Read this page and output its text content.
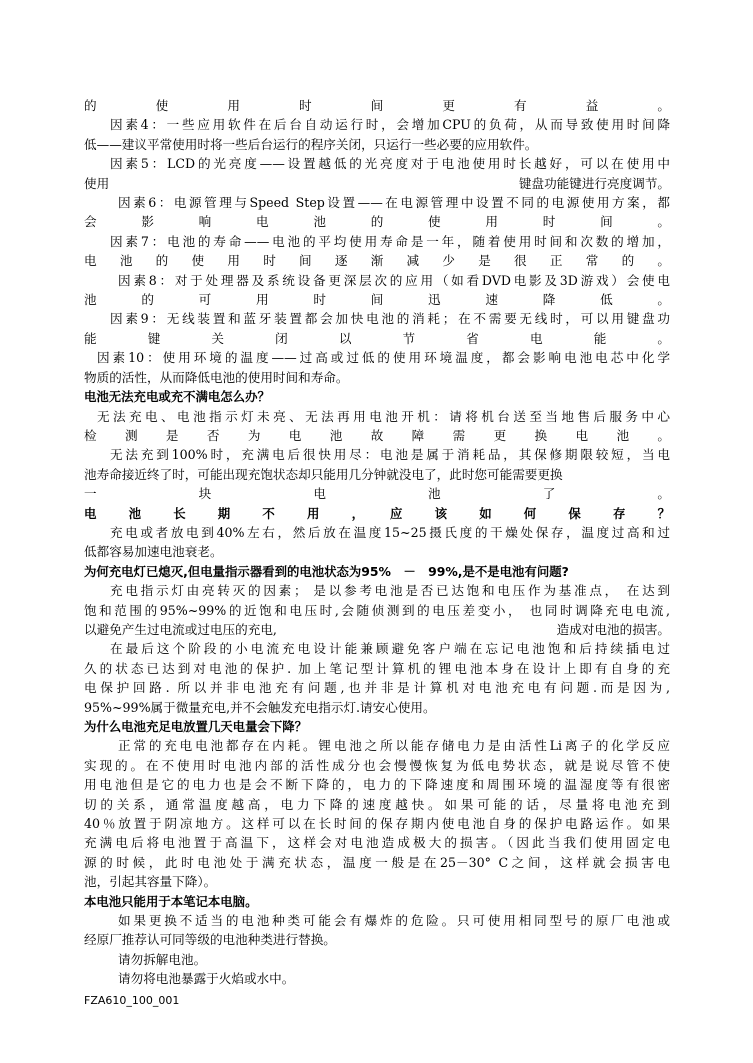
的　　使　　用　　时　　间　　更　　有　　益　　。

因素4：一些应用软件在后台自动运行时，会增加CPU的负荷，从而导致使用时间降

低——建议平常使用时将一些后台运行的程序关闭，只运行一些必要的应用软件。

因素5：LCD的光亮度——设置越低的光亮度对于电池使用时长越好，可以在使用中

使用	键盘功能键进行亮度调节。

因素6：电源管理与Speed Step设置——在电源管理中设置不同的电源使用方案，都

会　影　响　电　池　的　使　用　时　间　。

因素7：电池的寿命——电池的平均使用寿命是一年，随着使用时间和次数的增加，

电　池　的　使　用　时　间　逐　渐　减　少　是　很　正　常　的　。

因素8：对于处理器及系统设备更深层次的应用（如看DVD电影及3D游戏）会使电

池　的　可　用　时　间　迅　速　降　低　。

因素9：无线装置和蓝牙装置都会加快电池的消耗；在不需要无线时，可以用键盘功

能　键　关　闭　以　节　省　电　能　。

因素10：使用环境的温度——过高或过低的使用环境温度，都会影响电池电芯中化学

物质的活性，从而降低电池的使用时间和寿命。

电池无法充电或充不满电怎么办？

无法充电、电池指示灯未亮、无法再用电池开机：请将机台送至当地售后服务中心

检　测　是　否　为　电　池　故　障　需　更　换　电　池　。

无法充到100%时，充满电后很快用尽：电池是属于消耗品，其保修期限较短，当电

池寿命接近终了时，可能出现充饱状态却只能用几分钟就没电了，此时您可能需要更换

一　　　块　　　电　　　池　　　了　　　。

电　池　长　期　不　用　，　应　该　如　何　保　存　？

充电或者放电到40%左右，然后放在温度15~25摄氏度的干燥处保存，温度过高和过

低都容易加速电池衰老。

为何充电灯已熄灭,但电量指示器看到的电池状态为95%　－　99%,是不是电池有问题?

充电指示灯由亮转灭的因素； 是以参考电池是否已达饱和电压作为基准点， 在达到

饱和范围的95%~99%的近饱和电压时,会随侦测到的电压差变小， 也同时调降充电电流,

以避免产生过电流或过电压的充电,	造成对电池的损害。

在最后这个阶段的小电流充电设计能兼顾避免客户端在忘记电池饱和后持续插电过

久的状态已达到对电池的保护. 加上笔记型计算机的锂电池本身在设计上即有自身的充

电保护回路. 所以并非电池充有问题,也并非是计算机对电池充电有问题.而是因为,

95%~99%属于微量充电,并不会触发充电指示灯.请安心使用。

为什么电池充足电放置几天电量会下降？

正常的充电电池都存在内耗。锂电池之所以能存储电力是由活性Li离子的化学反应

实现的。在不使用时电池内部的活性成分也会慢慢恢复为低电势状态，就是说尽管不使

用电池但是它的电力也是会不断下降的，电力的下降速度和周围环境的温湿度等有很密

切的关系，通常温度越高，电力下降的速度越快。如果可能的话，尽量将电池充到

40％放置于阴凉地方。这样可以在长时间的保存期内使电池自身的保护电路运作。如果

充满电后将电池置于高温下，这样会对电池造成极大的损害。（因此当我们使用固定电

源的时候，此时电池处于满充状态，温度一般是在25－30° C之间，这样就会损害电

池，引起其容量下降）。

本电池只能用于本笔记本电脑。

如果更换不适当的电池种类可能会有爆炸的危险。只可使用相同型号的原厂电池或

经原厂推荐认可同等级的电池种类进行替换。

请勿拆解电池。

请勿将电池暴露于火焰或水中。

FZA610_100_001
